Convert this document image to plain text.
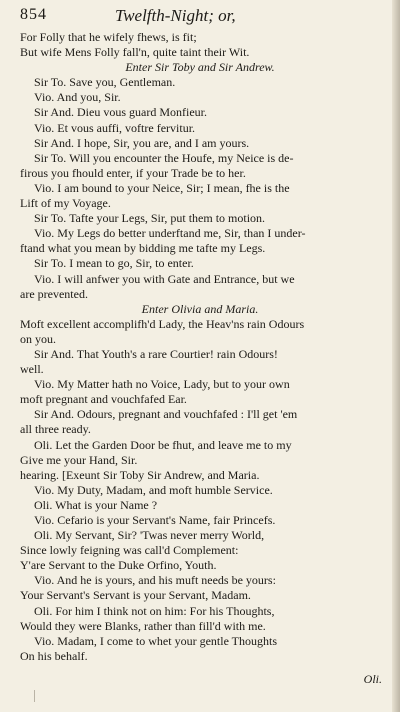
854	Twelfth-Night; or,
For Folly that he wifely fhews, is fit;
But wife Mens Folly fall'n, quite taint their Wit.
Enter Sir Toby and Sir Andrew.
Sir To. Save you, Gentleman.
Vio. And you, Sir.
Sir And. Dieu vous guard Monfieur.
Vio. Et vous auffi, voftre fervitur.
Sir And. I hope, Sir, you are, and I am yours.
Sir To. Will you encounter the Houfe, my Neice is de-
firous you fhould enter, if your Trade be to her.
Vio. I am bound to your Neice, Sir; I mean, fhe is the
Lift of my Voyage.
Sir To. Tafte your Legs, Sir, put them to motion.
Vio. My Legs do better underftand me, Sir, than I under-
ftand what you mean by bidding me tafte my Legs.
Sir To. I mean to go, Sir, to enter.
Vio. I will anfwer you with Gate and Entrance, but we
are prevented.
Enter Olivia and Maria.
Moft excellent accomplifh'd Lady, the Heav'ns rain Odours
on you.
Sir And. That Youth's a rare Courtier! rain Odours!
well.
Vio. My Matter hath no Voice, Lady, but to your own
moft pregnant and vouchfafed Ear.
Sir And. Odours, pregnant and vouchfafed : I'll get 'em
all three ready.
Oli. Let the Garden Door be fhut, and leave me to my
Give me your Hand, Sir.
hearing. [Exeunt Sir Toby Sir Andrew, and Maria.
Vio. My Duty, Madam, and moft humble Service.
Oli. What is your Name ?
Vio. Cefario is your Servant's Name, fair Princefs.
Oli. My Servant, Sir? 'Twas never merry World,
Since lowly feigning was call'd Complement:
Y'are Servant to the Duke Orfino, Youth.
Vio. And he is yours, and his muft needs be yours:
Your Servant's Servant is your Servant, Madam.
Oli. For him I think not on him: For his Thoughts,
Would they were Blanks, rather than fill'd with me.
Vio. Madam, I come to whet your gentle Thoughts
On his behalf.
Oli.
